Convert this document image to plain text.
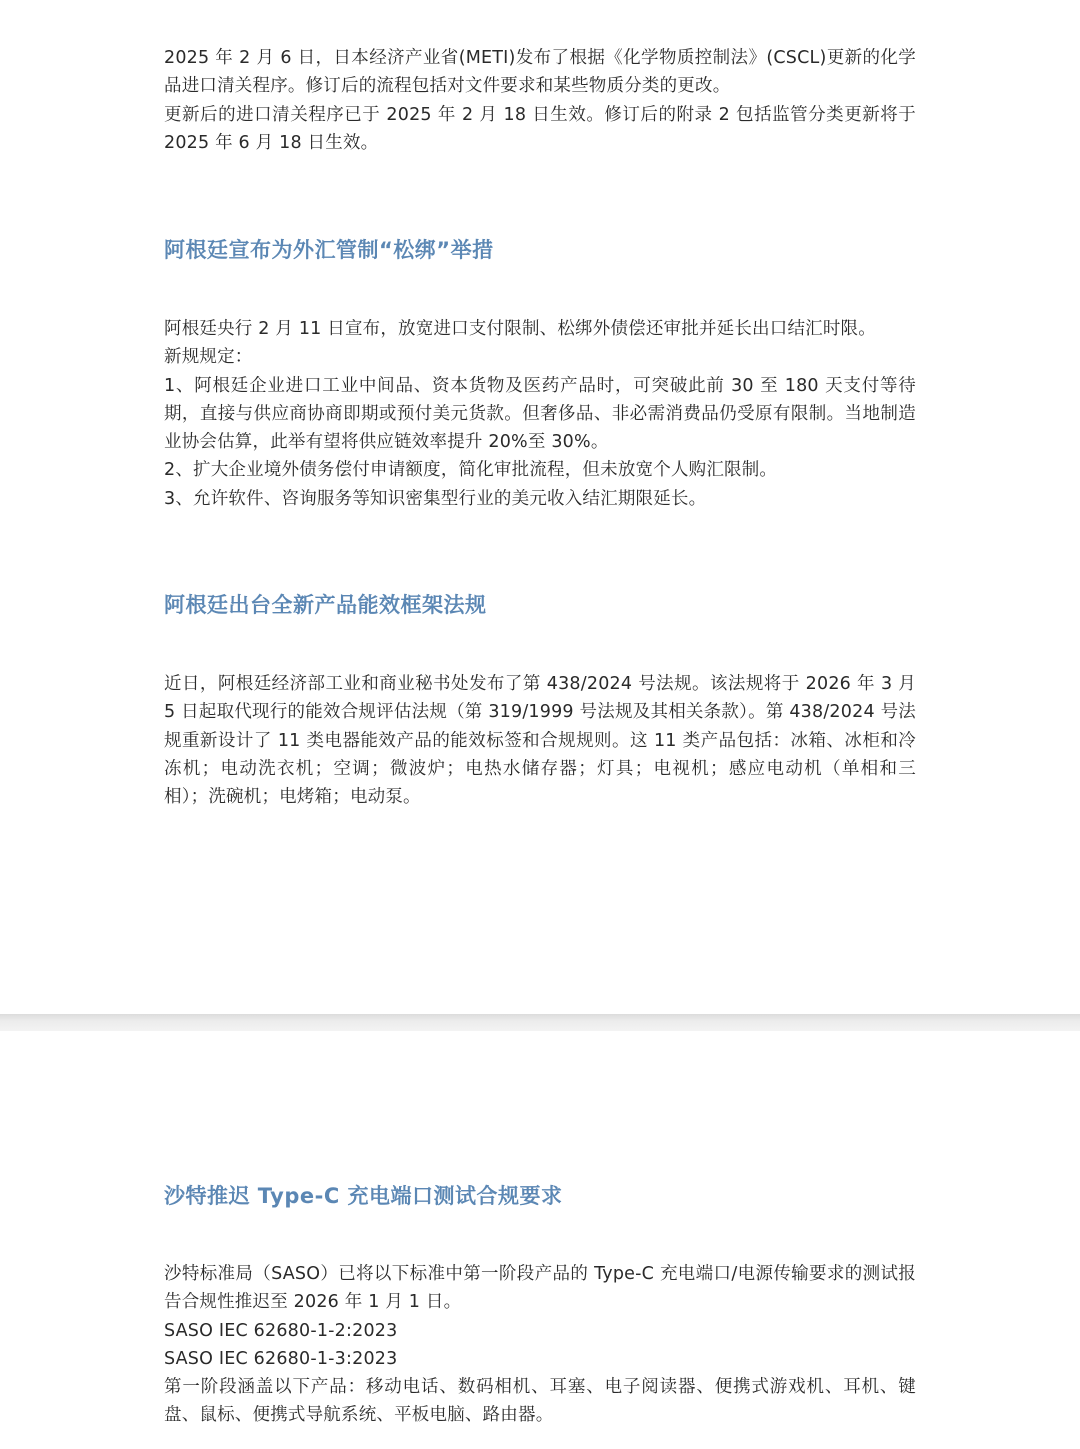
2025 年 2 月 6 日，日本经济产业省(METI)发布了根据《化学物质控制法》(CSCL)更新的化学品进口清关程序。修订后的流程包括对文件要求和某些物质分类的更改。

更新后的进口清关程序已于 2025 年 2 月 18 日生效。修订后的附录 2 包括监管分类更新将于 2025 年 6 月 18 日生效。

阿根廷宣布为外汇管制“松绑”举措

阿根廷央行 2 月 11 日宣布，放宽进口支付限制、松绑外债偿还审批并延长出口结汇时限。

新规规定：

1、阿根廷企业进口工业中间品、资本货物及医药产品时，可突破此前 30 至 180 天支付等待期，直接与供应商协商即期或预付美元货款。但奢侈品、非必需消费品仍受原有限制。当地制造业协会估算，此举有望将供应链效率提升 20%至 30%。

2、扩大企业境外债务偿付申请额度，简化审批流程，但未放宽个人购汇限制。

3、允许软件、咨询服务等知识密集型行业的美元收入结汇期限延长。

阿根廷出台全新产品能效框架法规

近日，阿根廷经济部工业和商业秘书处发布了第 438/2024 号法规。该法规将于 2026 年 3 月 5 日起取代现行的能效合规评估法规（第 319/1999 号法规及其相关条款）。第 438/2024 号法规重新设计了 11 类电器能效产品的能效标签和合规规则。这 11 类产品包括：冰箱、冰柜和冷冻机；电动洗衣机；空调；微波炉；电热水储存器；灯具；电视机；感应电动机（单相和三相）；洗碗机；电烤箱；电动泵。

沙特推迟 Type-C 充电端口测试合规要求

沙特标准局（SASO）已将以下标准中第一阶段产品的 Type-C 充电端口/电源传输要求的测试报告合规性推迟至 2026 年 1 月 1 日。

SASO IEC 62680-1-2:2023

SASO IEC 62680-1-3:2023

第一阶段涵盖以下产品：移动电话、数码相机、耳塞、电子阅读器、便携式游戏机、耳机、键盘、鼠标、便携式导航系统、平板电脑、路由器。
